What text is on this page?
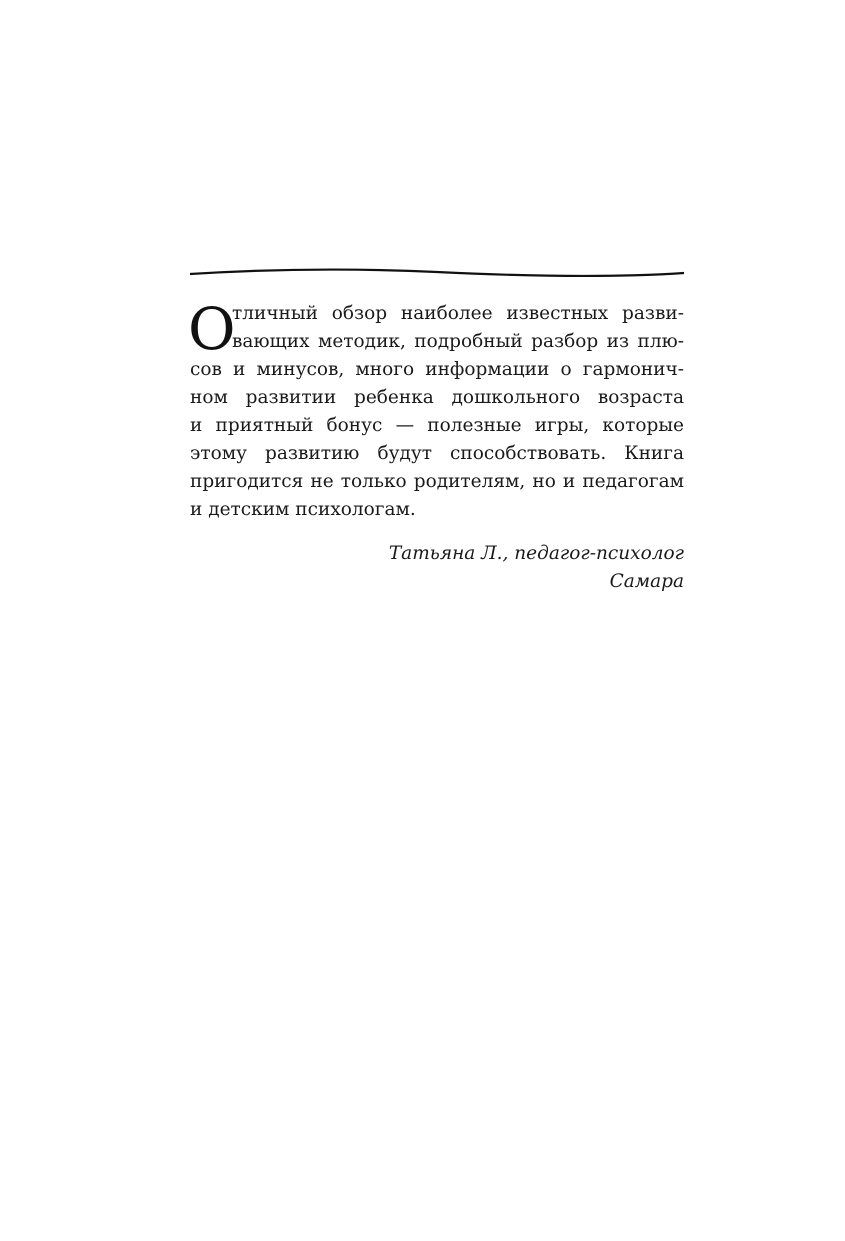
О
тличный обзор наиболее известных разви-
вающих методик, подробный разбор из плю-
сов и минусов, много информации о гармонич-
ном развитии ребенка дошкольного возраста
и приятный бонус — полезные игры, которые
этому развитию будут способствовать. Книга
пригодится не только родителям, но и педагогам
и детским психологам.
Татьяна Л., педагог-психолог
Самара
